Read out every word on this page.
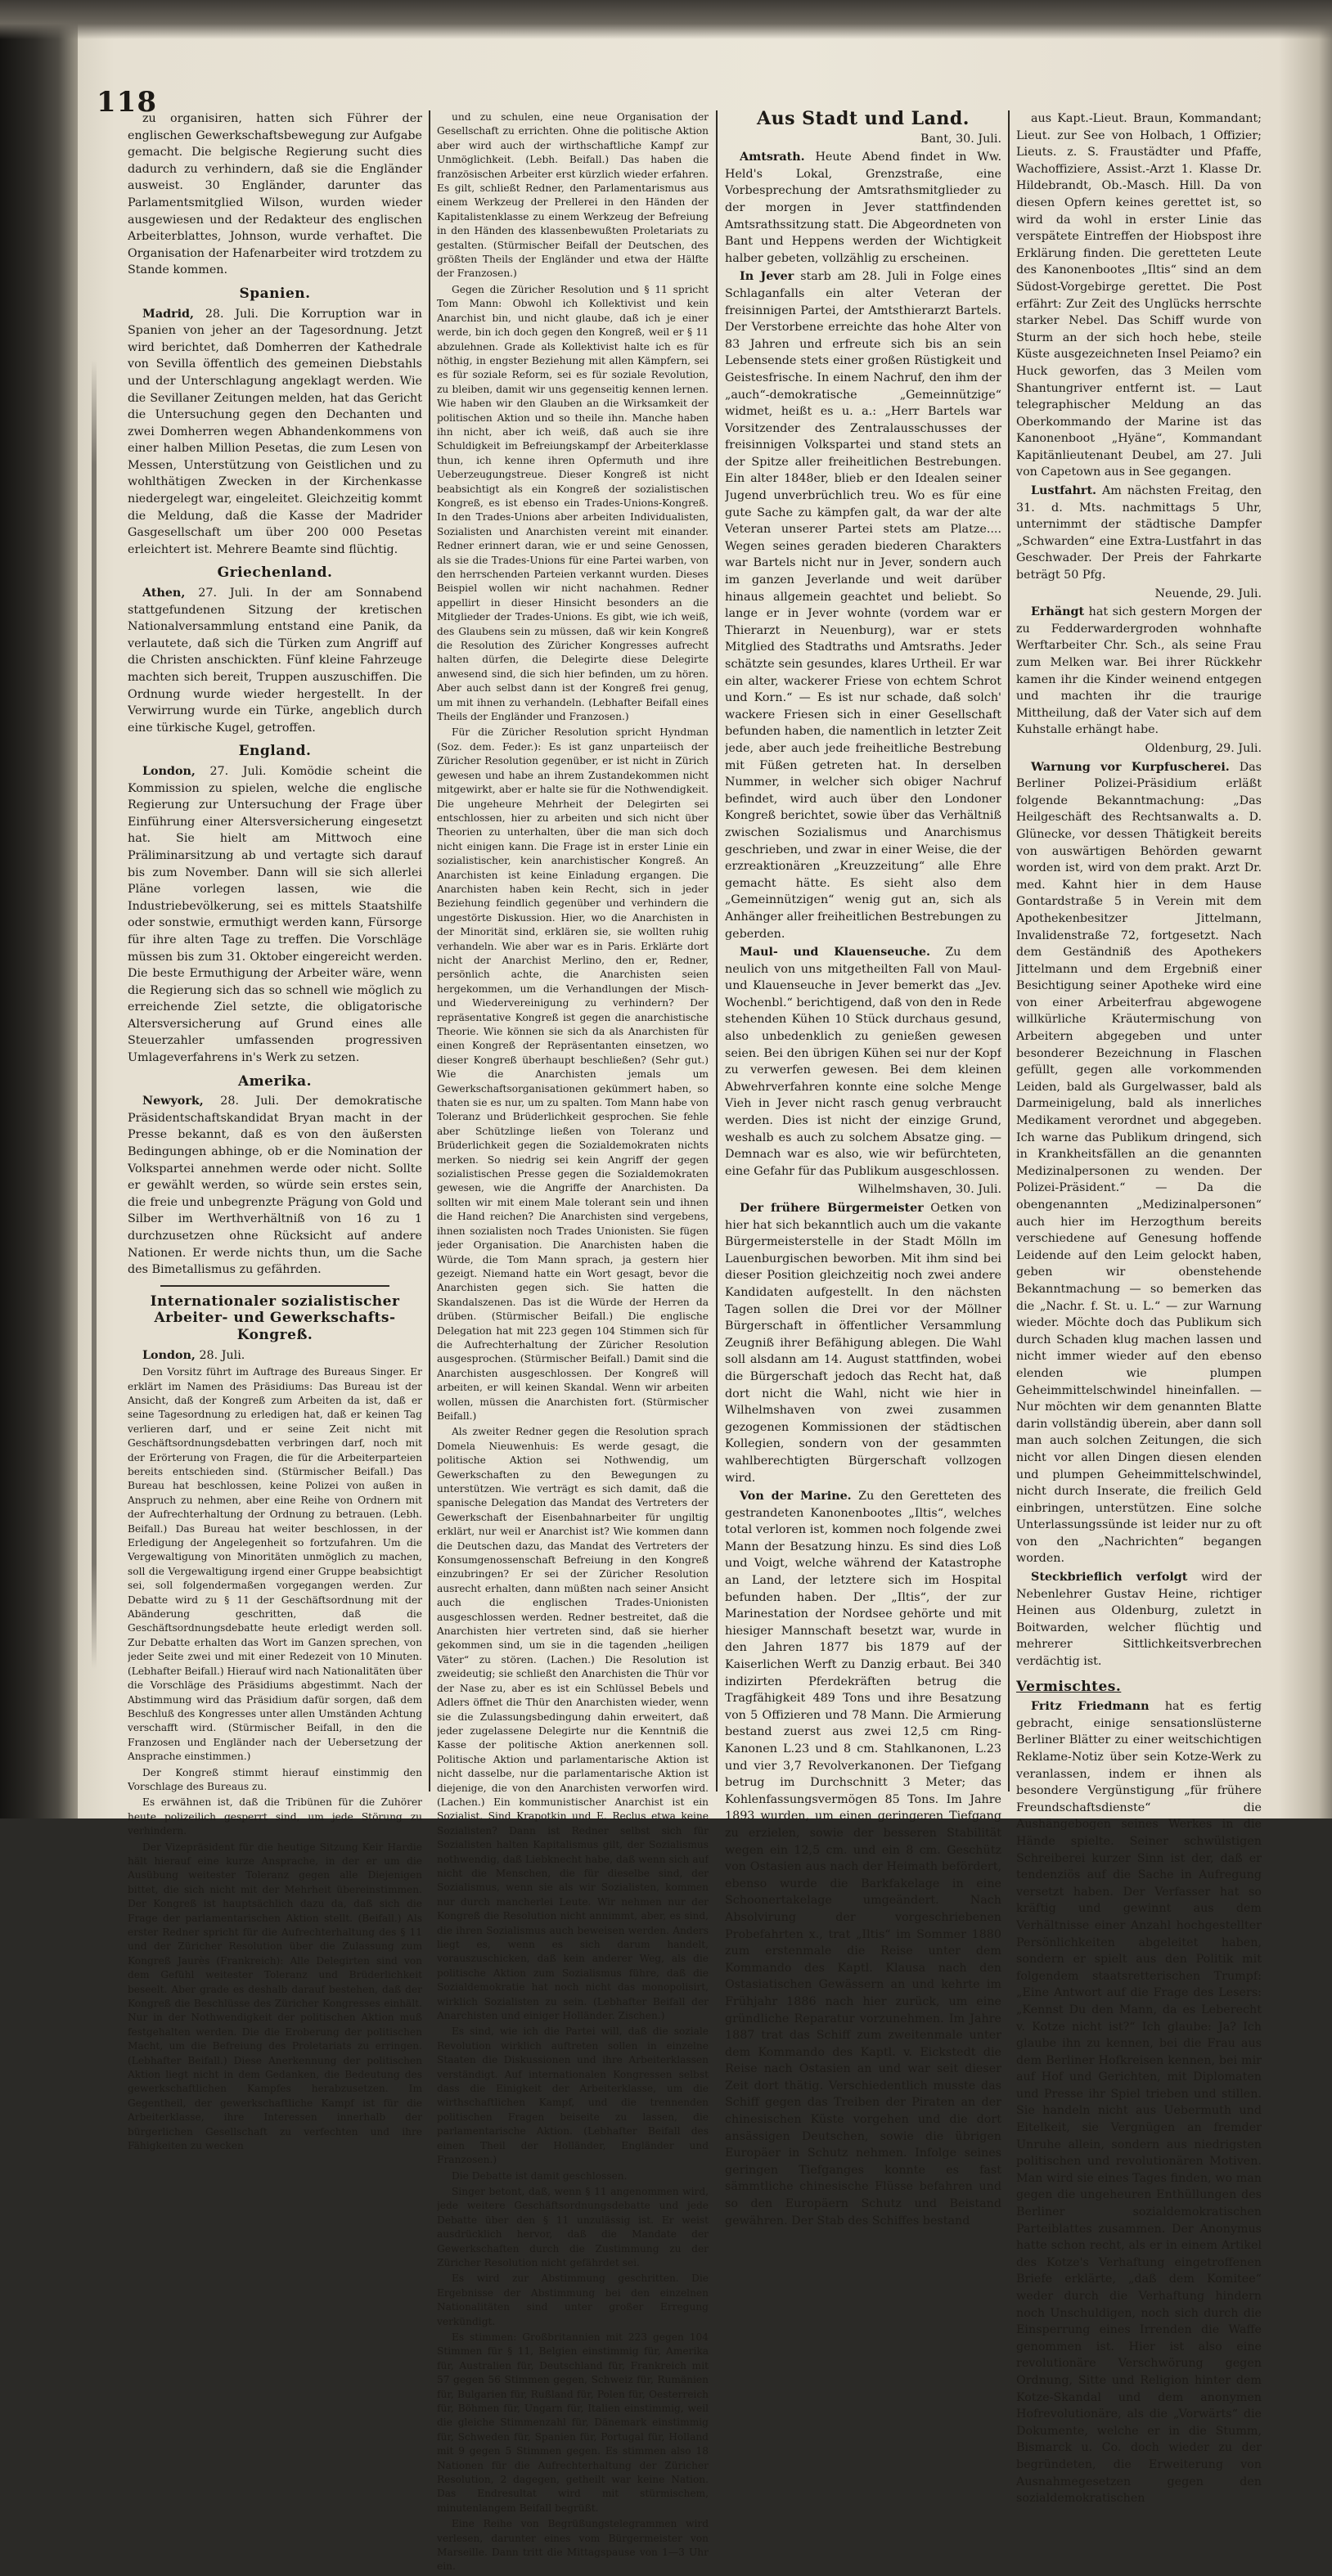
118

zu organisiren, hatten sich Führer der englischen Gewerkschaftsbewegung zur Aufgabe gemacht. Die belgische Regierung sucht dies dadurch zu verhindern, daß sie die Engländer ausweist. 30 Engländer, darunter das Parlamentsmitglied Wilson, wurden wieder ausgewiesen und der Redakteur des englischen Arbeiterblattes, Johnson, wurde verhaftet. Die Organisation der Hafenarbeiter wird trotzdem zu Stande kommen.

Spanien.

Madrid, 28. Juli. Die Korruption war in Spanien von jeher an der Tagesordnung. Jetzt wird berichtet, daß Domherren der Kathedrale von Sevilla öffentlich des gemeinen Diebstahls und der Unterschlagung angeklagt werden. Wie die Sevillaner Zeitungen melden, hat das Gericht die Untersuchung gegen den Dechanten und zwei Domherren wegen Abhandenkommens von einer halben Million Pesetas, die zum Lesen von Messen, Unterstützung von Geistlichen und zu wohlthätigen Zwecken in der Kirchenkasse niedergelegt war, eingeleitet. Gleichzeitig kommt die Meldung, daß die Kasse der Madrider Gasgesellschaft um über 200 000 Pesetas erleichtert ist. Mehrere Beamte sind flüchtig.

Griechenland.

Athen, 27. Juli. In der am Sonnabend stattgefundenen Sitzung der kretischen Nationalversammlung entstand eine Panik, da verlautete, daß sich die Türken zum Angriff auf die Christen anschickten. Fünf kleine Fahrzeuge machten sich bereit, Truppen auszuschiffen. Die Ordnung wurde wieder hergestellt. In der Verwirrung wurde ein Türke, angeblich durch eine türkische Kugel, getroffen.

England.

London, 27. Juli. Komödie scheint die Kommission zu spielen, welche die englische Regierung zur Untersuchung der Frage über Einführung einer Altersversicherung eingesetzt hat. Sie hielt am Mittwoch eine Präliminarsitzung ab und vertagte sich darauf bis zum November. Dann will sie sich allerlei Pläne vorlegen lassen, wie die Industriebevölkerung, sei es mittels Staatshilfe oder sonstwie, ermuthigt werden kann, Fürsorge für ihre alten Tage zu treffen. Die Vorschläge müssen bis zum 31. Oktober eingereicht werden. Die beste Ermuthigung der Arbeiter wäre, wenn die Regierung sich das so schnell wie möglich zu erreichende Ziel setzte, die obligatorische Altersversicherung auf Grund eines alle Steuerzahler umfassenden progressiven Umlageverfahrens in's Werk zu setzen.

Amerika.

Newyork, 28. Juli. Der demokratische Präsidentschaftskandidat Bryan macht in der Presse bekannt, daß es von den äußersten Bedingungen abhinge, ob er die Nomination der Volkspartei annehmen werde oder nicht. Sollte er gewählt werden, so würde sein erstes sein, die freie und unbegrenzte Prägung von Gold und Silber im Werthverhältniß von 16 zu 1 durchzusetzen ohne Rücksicht auf andere Nationen. Er werde nichts thun, um die Sache des Bimetallismus zu gefährden.

Internationaler sozialistischer Arbeiter- und Gewerkschafts-Kongreß.

London, 28. Juli.

Den Vorsitz führt im Auftrage des Bureaus Singer. Er erklärt im Namen des Präsidiums: Das Bureau ist der Ansicht, daß der Kongreß zum Arbeiten da ist, daß er seine Tagesordnung zu erledigen hat, daß er keinen Tag verlieren darf, und er seine Zeit nicht mit Geschäftsordnungsdebatten verbringen darf, noch mit der Erörterung von Fragen, die für die Arbeiterparteien bereits entschieden sind. (Stürmischer Beifall.) Das Bureau hat beschlossen, keine Polizei von außen in Anspruch zu nehmen, aber eine Reihe von Ordnern mit der Aufrechterhaltung der Ordnung zu betrauen. (Lebh. Beifall.) Das Bureau hat weiter beschlossen, in der Erledigung der Angelegenheit so fortzufahren. Um die Vergewaltigung von Minoritäten unmöglich zu machen, soll die Vergewaltigung irgend einer Gruppe beabsichtigt sei, soll folgendermaßen vorgegangen werden. Zur Debatte wird zu § 11 der Geschäftsordnung mit der Abänderung geschritten, daß die Geschäftsordnungsdebatte heute erledigt werden soll. Zur Debatte erhalten das Wort im Ganzen sprechen, von jeder Seite zwei und mit einer Redezeit von 10 Minuten. (Lebhafter Beifall.) Hierauf wird nach Nationalitäten über die Vorschläge des Präsidiums abgestimmt. Nach der Abstimmung wird das Präsidium dafür sorgen, daß dem Beschluß des Kongresses unter allen Umständen Achtung verschafft wird. (Stürmischer Beifall, in den die Franzosen und Engländer nach der Uebersetzung der Ansprache einstimmen.)

Der Kongreß stimmt hierauf einstimmig den Vorschlage des Bureaus zu.

Es erwähnen ist, daß die Tribünen für die Zuhörer heute polizeilich gesperrt sind, um jede Störung zu verhindern.

Der Vizepräsident für die heutige Sitzung Keir Hardie hält hierauf eine kurze Ansprache, in der er um die Ausübung weitester Toleranz gegen alle Diejenigen bittet, die sich nicht mit der Mehrheit übereinstimmen. Der Kongreß ist hauptsächlich dazu da, daß sich die Frage der parlamentarischen Aktion stellt. (Beifall.) Als erster Redner spricht für die Aufrechterhaltung des § 11 und der Züricher Resolution über die Zulassung zum Kongreß Jaurès (Frankreich): Alle Delegirten sind von dem Gefühl weitester Toleranz und Brüderlichkeit beseelt. Aber grade es deshalb darauf bestehen, daß der Kongreß die Beschlüsse des Züricher Kongresses einhält. Nur in der Nothwendigkeit der politischen Aktion muß festgehalten werden. Die die Eroberung der politischen Macht, um die Befreiung des Proletariats zu erringen. (Lebhafter Beifall.) Diese Anerkennung der politischen Aktion liegt nicht in dem Gedanken, die Bedeutung des gewerkschaftlichen Kampfes herabzusetzen. Im Gegentheil, der gewerkschaftliche Kampf ist für die Arbeiterklasse, ihre Interessen innerhalb der bürgerlichen Gesellschaft zu verfechten und ihre Fähigkeiten zu wecken

und zu schulen, eine neue Organisation der Gesellschaft zu errichten. Ohne die politische Aktion aber wird auch der wirthschaftliche Kampf zur Unmöglichkeit. (Lebh. Beifall.) Das haben die französischen Arbeiter erst kürzlich wieder erfahren. Es gilt, schließt Redner, den Parlamentarismus aus einem Werkzeug der Prellerei in den Händen der Kapitalistenklasse zu einem Werkzeug der Befreiung in den Händen des klassenbewußten Proletariats zu gestalten. (Stürmischer Beifall der Deutschen, des größten Theils der Engländer und etwa der Hälfte der Franzosen.)

Gegen die Züricher Resolution und § 11 spricht Tom Mann: Obwohl ich Kollektivist und kein Anarchist bin, und nicht glaube, daß ich je einer werde, bin ich doch gegen den Kongreß, weil er § 11 abzulehnen. Grade als Kollektivist halte ich es für nöthig, in engster Beziehung mit allen Kämpfern, sei es für soziale Reform, sei es für soziale Revolution, zu bleiben, damit wir uns gegenseitig kennen lernen. Wie haben wir den Glauben an die Wirksamkeit der politischen Aktion und so theile ihn. Manche haben ihn nicht, aber ich weiß, daß auch sie ihre Schuldigkeit im Befreiungskampf der Arbeiterklasse thun, ich kenne ihren Opfermuth und ihre Ueberzeugungstreue. Dieser Kongreß ist nicht beabsichtigt als ein Kongreß der sozialistischen Kongreß, es ist ebenso ein Trades-Unions-Kongreß. In den Trades-Unions aber arbeiten Individualisten, Sozialisten und Anarchisten vereint mit einander. Redner erinnert daran, wie er und seine Genossen, als sie die Trades-Unions für eine Partei warben, von den herrschenden Parteien verkannt wurden. Dieses Beispiel wollen wir nicht nachahmen. Redner appellirt in dieser Hinsicht besonders an die Mitglieder der Trades-Unions. Es gibt, wie ich weiß, des Glaubens sein zu müssen, daß wir kein Kongreß die Resolution des Züricher Kongresses aufrecht halten dürfen, die Delegirte diese Delegirte anwesend sind, die sich hier befinden, um zu hören. Aber auch selbst dann ist der Kongreß frei genug, um mit ihnen zu verhandeln. (Lebhafter Beifall eines Theils der Engländer und Franzosen.)

Für die Züricher Resolution spricht Hyndman (Soz. dem. Feder.): Es ist ganz unparteiisch der Züricher Resolution gegenüber, er ist nicht in Zürich gewesen und habe an ihrem Zustandekommen nicht mitgewirkt, aber er halte sie für die Nothwendigkeit. Die ungeheure Mehrheit der Delegirten sei entschlossen, hier zu arbeiten und sich nicht über Theorien zu unterhalten, über die man sich doch nicht einigen kann. Die Frage ist in erster Linie ein sozialistischer, kein anarchistischer Kongreß. An Anarchisten ist keine Einladung ergangen. Die Anarchisten haben kein Recht, sich in jeder Beziehung feindlich gegenüber und verhindern die ungestörte Diskussion. Hier, wo die Anarchisten in der Minorität sind, erklären sie, sie wollten ruhig verhandeln. Wie aber war es in Paris. Erklärte dort nicht der Anarchist Merlino, den er, Redner, persönlich achte, die Anarchisten seien hergekommen, um die Verhandlungen der Misch- und Wiedervereinigung zu verhindern? Der repräsentative Kongreß ist gegen die anarchistische Theorie. Wie können sie sich da als Anarchisten für einen Kongreß der Repräsentanten einsetzen, wo dieser Kongreß überhaupt beschließen? (Sehr gut.) Wie die Anarchisten jemals um Gewerkschaftsorganisationen gekümmert haben, so thaten sie es nur, um zu spalten. Tom Mann habe von Toleranz und Brüderlichkeit gesprochen. Sie fehle aber Schützlinge ließen von Toleranz und Brüderlichkeit gegen die Sozialdemokraten nichts merken. So niedrig sei kein Angriff der gegen sozialistischen Presse gegen die Sozialdemokraten gewesen, wie die Angriffe der Anarchisten. Da sollten wir mit einem Male tolerant sein und ihnen die Hand reichen? Die Anarchisten sind vergebens, ihnen sozialisten noch Trades Unionisten. Sie fügen jeder Organisation. Die Anarchisten haben die Würde, die Tom Mann sprach, ja gestern hier gezeigt. Niemand hatte ein Wort gesagt, bevor die Anarchisten gegen sich. Sie hatten die Skandalszenen. Das ist die Würde der Herren da drüben. (Stürmischer Beifall.) Die englische Delegation hat mit 223 gegen 104 Stimmen sich für die Aufrechterhaltung der Züricher Resolution ausgesprochen. (Stürmischer Beifall.) Damit sind die Anarchisten ausgeschlossen. Der Kongreß will arbeiten, er will keinen Skandal. Wenn wir arbeiten wollen, müssen die Anarchisten fort. (Stürmischer Beifall.)

Als zweiter Redner gegen die Resolution sprach Domela Nieuwenhuis: Es werde gesagt, die politische Aktion sei Nothwendig, um Gewerkschaften zu den Bewegungen zu unterstützen. Wie verträgt es sich damit, daß die spanische Delegation das Mandat des Vertreters der Gewerkschaft der Eisenbahnarbeiter für ungiltig erklärt, nur weil er Anarchist ist? Wie kommen dann die Deutschen dazu, das Mandat des Vertreters der Konsumgenossenschaft Befreiung in den Kongreß einzubringen? Er sei der Züricher Resolution ausrecht erhalten, dann müßten nach seiner Ansicht auch die englischen Trades-Unionisten ausgeschlossen werden. Redner bestreitet, daß die Anarchisten hier vertreten sind, daß sie hierher gekommen sind, um sie in die tagenden „heiligen Väter“ zu stören. (Lachen.) Die Resolution ist zweideutig; sie schließt den Anarchisten die Thür vor der Nase zu, aber es ist ein Schlüssel Bebels und Adlers öffnet die Thür den Anarchisten wieder, wenn sie die Zulassungsbedingung dahin erweitert, daß jeder zugelassene Delegirte nur die Kenntniß die Kasse der politische Aktion anerkennen soll. Politische Aktion und parlamentarische Aktion ist nicht dasselbe, nur die parlamentarische Aktion ist diejenige, die von den Anarchisten verworfen wird. (Lachen.) Ein kommunistischer Anarchist ist ein Sozialist. Sind Krapotkin und E. Reclus etwa keine Sozialisten? Dann ist Redner selbst sich für Sozialisten halten Kapitalismus gilt, der Sozialismus nothwendig, daß Liebknecht habe, daß wenn sich auf nicht die Menschen, die für dieselbe sind, der Sozialismus, wenn sie als wir Sozialisten, kommen nur durch mancherlei Leute. Wir nehmen nur der Kongreß die Resolution nicht annimmt, aber, es sind, die ihren Sozialismus auch beweisen werden. Anders liegt es, wenn es sich darum handelt, vorauszuschicken, daß kein anderer Weg, als die politische Aktion zum Sozialismus führe, daß die Sozialdemokratie hat noch nicht das monopolisirt, wirklich Sozialisten zu sein. (Lebhafter Beifall der Anarchisten und einiger Holländer. Zischen.)

Es sind, wie ich die Partei will, daß die soziale Revolution wirklich auftreten sollen in einzelne Staaten die Diskussionen und ihre Arbeiterklassen verständigt. Auf internationalen Kongressen selbst dass die Einigkeit der Arbeiterklasse, um die wirthschaftlichen Kampf, und die trennenden politischen Fragen beiseite zu lassen, die parlamentarische Aktion. (Lebhafter Beifall des einen Theil der Holländer, Engländer und Franzosen.)

Die Debatte ist damit geschlossen.

Singer betont, daß, wenn § 11 angenommen wird, jede weitere Geschäftsordnungsdebatte und jede Debatte über den § 11 unzulässig ist. Er weist ausdrücklich hervor, daß die Mandate der Gewerkschaften durch die Zustimmung zu der Züricher Resolution nicht gefährdet sei.

Es wird zur Abstimmung geschritten. Die Ergebnisse der Abstimmung bei den einzelnen Nationalitäten sind unter großer Erregung verkündigt.

Es stimmen: Großbritannien mit 223 gegen 104 Stimmen für § 11, Belgien einstimmig für, Amerika für, Australien für, Deutschland für, Frankreich mit 57 gegen 56 Stimmen gegen, Schweiz für, Rumänien für, Bulgarien für, Rußland für, Polen für, Oesterreich für, Böhmen für, Ungarn für, Italien einstimmig, weil die gleiche Stimmenzahl für, Dänemark einstimmig für, Schweden für, Spanien für, Portugal für, Holland mit 9 gegen 5 Stimmen gegen. Es stimmen also 18 Nationen für die Aufrechterhaltung der Züricher Resolution, 2 dagegen, getheilt war keine Nation. Das Endresultat wird mit stürmischem, minutenlangem Beifall begrüßt.

Eine Reihe von Begrüßungstelegrammen wird verlesen, darunter eines vom Bürgermeister von Marseille. Dann tritt die Mittagspause von 1—3 Uhr ein.

Aus Stadt und Land.
Bant, 30. Juli.

Amtsrath. Heute Abend findet in Ww. Held's Lokal, Grenzstraße, eine Vorbesprechung der Amtsrathsmitglieder zu der morgen in Jever stattfindenden Amtsrathssitzung statt. Die Abgeordneten von Bant und Heppens werden der Wichtigkeit halber gebeten, vollzählig zu erscheinen.

In Jever starb am 28. Juli in Folge eines Schlaganfalls ein alter Veteran der freisinnigen Partei, der Amtsthierarzt Bartels. Der Verstorbene erreichte das hohe Alter von 83 Jahren und erfreute sich bis an sein Lebensende stets einer großen Rüstigkeit und Geistesfrische. In einem Nachruf, den ihm der „auch“-demokratische „Gemeinnützige“ widmet, heißt es u. a.: „Herr Bartels war Vorsitzender des Zentralausschusses der freisinnigen Volkspartei und stand stets an der Spitze aller freiheitlichen Bestrebungen. Ein alter 1848er, blieb er den Idealen seiner Jugend unverbrüchlich treu. Wo es für eine gute Sache zu kämpfen galt, da war der alte Veteran unserer Partei stets am Platze.... Wegen seines geraden biederen Charakters war Bartels nicht nur in Jever, sondern auch im ganzen Jeverlande und weit darüber hinaus allgemein geachtet und beliebt. So lange er in Jever wohnte (vordem war er Thierarzt in Neuenburg), war er stets Mitglied des Stadtraths und Amtsraths. Jeder schätzte sein gesundes, klares Urtheil. Er war ein alter, wackerer Friese von echtem Schrot und Korn.“ — Es ist nur schade, daß solch' wackere Friesen sich in einer Gesellschaft befunden haben, die namentlich in letzter Zeit jede, aber auch jede freiheitliche Bestrebung mit Füßen getreten hat. In derselben Nummer, in welcher sich obiger Nachruf befindet, wird auch über den Londoner Kongreß berichtet, sowie über das Verhältniß zwischen Sozialismus und Anarchismus geschrieben, und zwar in einer Weise, die der erzreaktionären „Kreuzzeitung“ alle Ehre gemacht hätte. Es sieht also dem „Gemeinnützigen“ wenig gut an, sich als Anhänger aller freiheitlichen Bestrebungen zu geberden.

Maul- und Klauenseuche. Zu dem neulich von uns mitgetheilten Fall von Maul- und Klauenseuche in Jever bemerkt das „Jev. Wochenbl.“ berichtigend, daß von den in Rede stehenden Kühen 10 Stück durchaus gesund, also unbedenklich zu genießen gewesen seien. Bei den übrigen Kühen sei nur der Kopf zu verwerfen gewesen. Bei dem kleinen Abwehrverfahren konnte eine solche Menge Vieh in Jever nicht rasch genug verbraucht werden. Dies ist nicht der einzige Grund, weshalb es auch zu solchem Absatze ging. — Demnach war es also, wie wir befürchteten, eine Gefahr für das Publikum ausgeschlossen.

Wilhelmshaven, 30. Juli.

Der frühere Bürgermeister Oetken von hier hat sich bekanntlich auch um die vakante Bürgermeisterstelle in der Stadt Mölln im Lauenburgischen beworben. Mit ihm sind bei dieser Position gleichzeitig noch zwei andere Kandidaten aufgestellt. In den nächsten Tagen sollen die Drei vor der Möllner Bürgerschaft in öffentlicher Versammlung Zeugniß ihrer Befähigung ablegen. Die Wahl soll alsdann am 14. August stattfinden, wobei die Bürgerschaft jedoch das Recht hat, daß dort nicht die Wahl, nicht wie hier in Wilhelmshaven von zwei zusammen gezogenen Kommissionen der städtischen Kollegien, sondern von der gesammten wahlberechtigten Bürgerschaft vollzogen wird.

Von der Marine. Zu den Geretteten des gestrandeten Kanonenbootes „Iltis“, welches total verloren ist, kommen noch folgende zwei Mann der Besatzung hinzu. Es sind dies Loß und Voigt, welche während der Katastrophe an Land, der letztere sich im Hospital befunden haben. Der „Iltis“, der zur Marinestation der Nordsee gehörte und mit hiesiger Mannschaft besetzt war, wurde in den Jahren 1877 bis 1879 auf der Kaiserlichen Werft zu Danzig erbaut. Bei 340 indizirten Pferdekräften betrug die Tragfähigkeit 489 Tons und ihre Besatzung von 5 Offizieren und 78 Mann. Die Armierung bestand zuerst aus zwei 12,5 cm Ring-Kanonen L.23 und 8 cm. Stahlkanonen, L.23 und vier 3,7 Revolverkanonen. Der Tiefgang betrug im Durchschnitt 3 Meter; das Kohlenfassungsvermögen 85 Tons. Im Jahre 1893 wurden, um einen geringeren Tiefgang zu erzielen, sowie der besseren Stabilität wegen ein 12,5 cm. und ein 8 cm. Geschütz von Ostasien aus nach der Heimath befördert, ebenso wurde die Barkfakelage in eine Schoonertakelage umgeändert. Nach Absolvirung der vorgeschriebenen Probefahrten x., trat „Iltis“ im Sommer 1880 zum erstenmale die Reise unter dem Kommando des Kaptl. Klausa nach den Ostasiatischen Gewässern an und kehrte im Frühjahr 1886 nach hier zurück, um eine gründliche Reparatur vorzunehmen. Im Jahre 1887 trat das Schiff zum zweitenmale unter dem Kommando des Kaptl. v. Eickstedt die Reise nach Ostasien an und war seit dieser Zeit dort thätig. Verschiedentlich musste das Schiff gegen das Treiben der Piraten an der chinesischen Küste vorgehen und die dort ansässigen Deutschen, sowie die übrigen Europäer in Schutz nehmen. Infolge seines geringen Tiefganges konnte es fast sämmtliche chinesische Flüsse befahren und so den Europäern Schutz und Beistand gewähren. Der Stab des Schiffes bestand

aus Kapt.-Lieut. Braun, Kommandant; Lieut. zur See von Holbach, 1 Offizier; Lieuts. z. S. Fraustädter und Pfaffe, Wachoffiziere, Assist.-Arzt 1. Klasse Dr. Hildebrandt, Ob.-Masch. Hill. Da von diesen Opfern keines gerettet ist, so wird da wohl in erster Linie das verspätete Eintreffen der Hiobspost ihre Erklärung finden. Die geretteten Leute des Kanonenbootes „Iltis“ sind an dem Südost-Vorgebirge gerettet. Die Post erfährt: Zur Zeit des Unglücks herrschte starker Nebel. Das Schiff wurde von Sturm an der sich hoch hebe, steile Küste ausgezeichneten Insel Peiamo? ein Huck geworfen, das 3 Meilen vom Shantungriver entfernt ist. — Laut telegraphischer Meldung an das Oberkommando der Marine ist das Kanonenboot „Hyäne“, Kommandant Kapitänlieutenant Deubel, am 27. Juli von Capetown aus in See gegangen.

Lustfahrt. Am nächsten Freitag, den 31. d. Mts. nachmittags 5 Uhr, unternimmt der städtische Dampfer „Schwarden“ eine Extra-Lustfahrt in das Geschwader. Der Preis der Fahrkarte beträgt 50 Pfg.

Neuende, 29. Juli.

Erhängt hat sich gestern Morgen der zu Fedderwardergroden wohnhafte Werftarbeiter Chr. Sch., als seine Frau zum Melken war. Bei ihrer Rückkehr kamen ihr die Kinder weinend entgegen und machten ihr die traurige Mittheilung, daß der Vater sich auf dem Kuhstalle erhängt habe.

Oldenburg, 29. Juli.

Warnung vor Kurpfuscherei. Das Berliner Polizei-Präsidium erläßt folgende Bekanntmachung: „Das Heilgeschäft des Rechtsanwalts a. D. Glünecke, vor dessen Thätigkeit bereits von auswärtigen Behörden gewarnt worden ist, wird von dem prakt. Arzt Dr. med. Kahnt hier in dem Hause Gontardstraße 5 in Verein mit dem Apothekenbesitzer Jittelmann, Invalidenstraße 72, fortgesetzt. Nach dem Geständniß des Apothekers Jittelmann und dem Ergebniß einer Besichtigung seiner Apotheke wird eine von einer Arbeiterfrau abgewogene willkürliche Kräutermischung von Arbeitern abgegeben und unter besonderer Bezeichnung in Flaschen gefüllt, gegen alle vorkommenden Leiden, bald als Gurgelwasser, bald als Darmeinigelung, bald als innerliches Medikament verordnet und abgegeben. Ich warne das Publikum dringend, sich in Krankheitsfällen an die genannten Medizinalpersonen zu wenden. Der Polizei-Präsident.“ — Da die obengenannten „Medizinalpersonen“ auch hier im Herzogthum bereits verschiedene auf Genesung hoffende Leidende auf den Leim gelockt haben, geben wir obenstehende Bekanntmachung — so bemerken das die „Nachr. f. St. u. L.“ — zur Warnung wieder. Möchte doch das Publikum sich durch Schaden klug machen lassen und nicht immer wieder auf den ebenso elenden wie plumpen Geheimmittelschwindel hineinfallen. — Nur möchten wir dem genannten Blatte darin vollständig überein, aber dann soll man auch solchen Zeitungen, die sich nicht vor allen Dingen diesen elenden und plumpen Geheimmittelschwindel, nicht durch Inserate, die freilich Geld einbringen, unterstützen. Eine solche Unterlassungssünde ist leider nur zu oft von den „Nachrichten“ begangen worden.

Steckbrieflich verfolgt wird der Nebenlehrer Gustav Heine, richtiger Heinen aus Oldenburg, zuletzt in Boitwarden, welcher flüchtig und mehrerer Sittlichkeitsverbrechen verdächtig ist.

Vermischtes.

Fritz Friedmann hat es fertig gebracht, einige sensationslüsterne Berliner Blätter zu einer weitschichtigen Reklame-Notiz über sein Kotze-Werk zu veranlassen, indem er ihnen als besondere Vergünstigung „für frühere Freundschaftsdienste“ die Aushängebogen seines Werkes in die Hände spielte. Seiner schwülstigen Schreiberei kurzer Sinn ist der, daß er tendenziös auf die Sache in Aufregung versetzt haben. Der Verfasser hat so kräftig und gewinnt aus dem Verhältnisse einer Anzahl hochgestellter Persönlichkeiten abgeleitet haben, sondern er spielt aus den Politik mit folgendem staatsretterischen Trumpf: „Eine Antwort auf die Frage des Lesers: „Kennst Du den Mann, da es Leberecht v. Kotze nicht ist?“ Ich glaube: Ja? Ich glaube ihn zu kennen, bei die Frau aus dem Berliner Hofkreisen kennen, bei mir auf Hof und Gerichten, mit Diplomaten und Presse ihr Spiel trieben und stillen. Sie handeln nicht aus Uebermuth und Eitelkeit, sie Vergnügen an fremder Unruhe allein, sondern aus niedrigsten politischen und revolutionären Motiven. Man wird sie eines Tages finden, wo man gegen die ungeheuren Enthüllungen des Berliner sozialdemokratischen Parteiblattes zusammen. Der Anonymus hatte schon recht, als er in einem Artikel des Kotze's Verhaftung eingetroffenen Briefe erklärte, „daß dem Komitee“ weder durch die Verhaftung hindern noch Unschuldigen, noch sich durch die Einsperrung eines Irrenden die Waffe genommen ist. Hier ist also eine revolutionäre Verschwörung gegen Ordnung, Sitte und Religion hinter dem Kotze-Skandal und dem anonymen Hofrevolutionäre, als die „Vorwärts“ die Dokumente, welche er in die Stumm, Bismarck u. Co. doch wieder zu der begründeten, die Erweiterung von Ausnahmegesetzen gegen den sozialdemokratischen
